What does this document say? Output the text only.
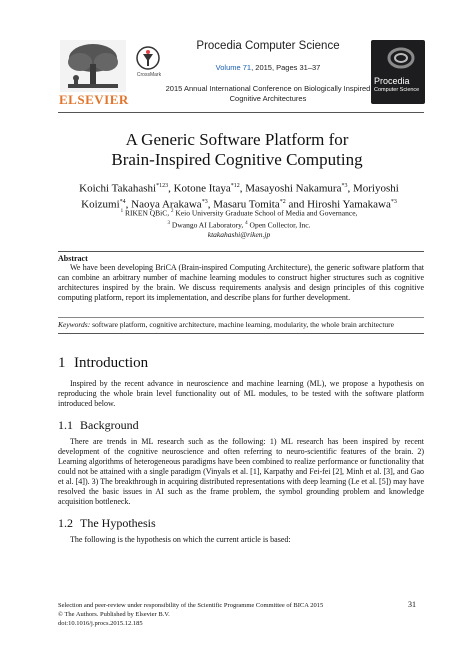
ELSEVIER
CrossMark
Procedia Computer Science
Volume 71, 2015, Pages 31–37
2015 Annual International Conference on Biologically Inspired
Cognitive Architectures
Procedia
Computer Science
A Generic Software Platform for
Brain-Inspired Cognitive Computing
Koichi Takahashi$^{*123}$, Kotone Itaya$^{*12}$, Masayoshi Nakamura$^{*3}$, Moriyoshi Koizumi$^{*4}$, Naoya Arakawa$^{*3}$, Masaru Tomita$^{*2}$ and Hiroshi Yamakawa$^{*3}$
$^1$ RIKEN QBiC, $^2$ Keio University Graduate School of Media and Governance,
$^3$ Dwango AI Laboratory, $^4$ Open Collector, Inc.
ktakahashi@riken.jp
Abstract
We have been developing BriCA (Brain-inspired Computing Architecture), the generic software platform that can combine an arbitrary number of machine learning modules to construct higher structures such as cognitive architectures inspired by the brain. We discuss requirements analysis and design principles of this cognitive computing platform, report its implementation, and describe plans for further development.
Keywords: software platform, cognitive architecture, machine learning, modularity, the whole brain architecture
1 Introduction
Inspired by the recent advance in neuroscience and machine learning (ML), we propose a hypothesis on reproducing the whole brain level functionality out of ML modules, to be tested with the software platform introduced below.
1.1 Background
There are trends in ML research such as the following: 1) ML research has been inspired by recent development of the cognitive neuroscience and often referring to neuro-scientific features of the brain. 2) Learning algorithms of heterogeneous paradigms have been combined to realize performance or functionality that could not be attained with a single paradigm (Vinyals et al. [1], Karpathy and Fei-fei [2], Minh et al. [3], and Gao et al. [4]). 3) The breakthrough in acquiring distributed representations with deep learning (Le et al. [5]) may have resolved the basic issues in AI such as the frame problem, the symbol grounding problem and knowledge acquisition bottleneck.
1.2 The Hypothesis
The following is the hypothesis on which the current article is based:
Selection and peer-review under responsibility of the Scientific Programme Committee of BICA 2015
© The Authors. Published by Elsevier B.V.
doi:10.1016/j.procs.2015.12.185
31
